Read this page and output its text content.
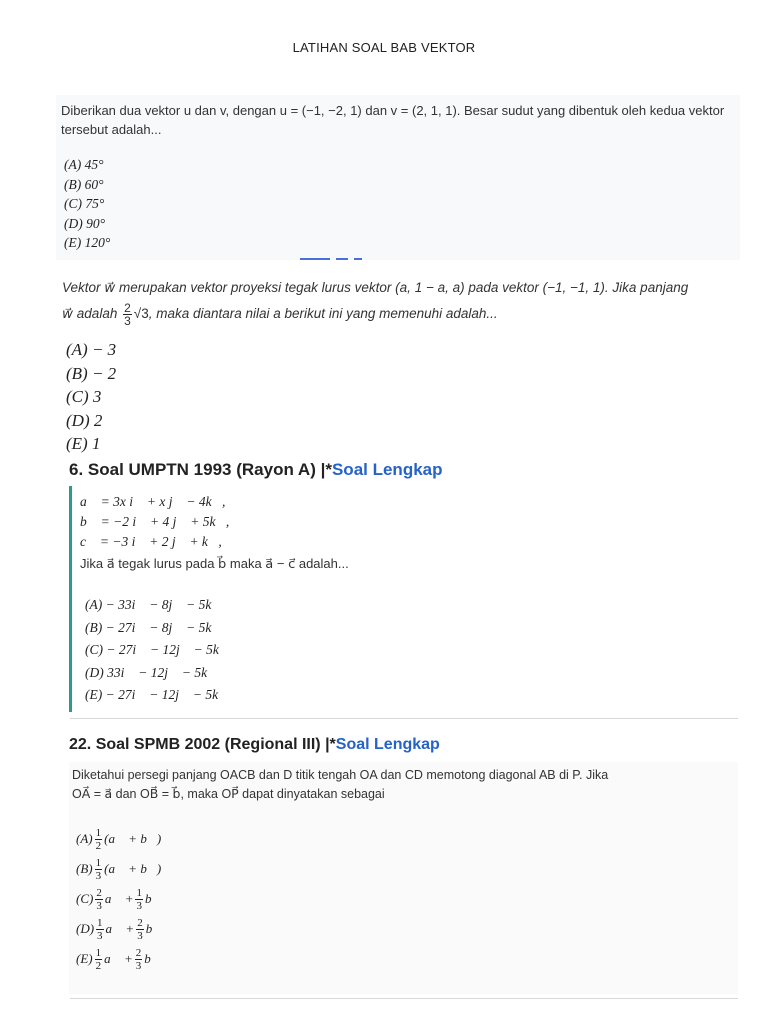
LATIHAN SOAL BAB VEKTOR
Diberikan dua vektor u dan v, dengan u = (−1, −2, 1) dan v = (2, 1, 1). Besar sudut yang dibentuk oleh kedua vektor tersebut adalah...
(A) 45°
(B) 60°
(C) 75°
(D) 90°
(E) 120°
Vektor w⃗ merupakan vektor proyeksi tegak lurus vektor (a, 1 − a, a) pada vektor (−1, −1, 1). Jika panjang
w⃗ adalah $\frac{2}{3} √3$, maka diantara nilai a berikut ini yang memenuhi adalah...
(A) − 3
(B) − 2
(C) 3
(D) 2
(E) 1
6. Soal UMPTN 1993 (Rayon A) |*Soal Lengkap
a⃗ = 3x i⃗ + x j⃗ − 4k⃗,
b⃗ = −2 i⃗ + 4 j⃗ + 5k⃗,
c⃗ = −3 i⃗ + 2 j⃗ + k⃗,
Jika a⃗ tegak lurus pada b⃗ maka a⃗ − c⃗ adalah...
(A) − 33i⃗ − 8j⃗ − 5k⃗
(B) − 27i⃗ − 8j⃗ − 5k⃗
(C) − 27i⃗ − 12j⃗ − 5k⃗
(D) 33i⃗ − 12j⃗ − 5k⃗
(E) − 27i⃗ − 12j⃗ − 5k⃗
22. Soal SPMB 2002 (Regional III) |*Soal Lengkap
Diketahui persegi panjang OACB dan D titik tengah OA dan CD memotong diagonal AB di P. Jika
OA⃗ = a⃗ dan OB⃗ = b⃗, maka OP⃗ dapat dinyatakan sebagai
$(A) \frac{1}{2}$ (a⃗ + b⃗)
$(B) \frac{1}{3}$ (a⃗ + b⃗)
$(C) \frac{2}{3}$ a⃗ + $\frac{1}{3}$ b⃗
$(D) \frac{1}{3}$ a⃗ + $\frac{2}{3}$ b⃗
$(E) \frac{1}{2}$ a⃗ + $\frac{2}{3}$ b⃗
